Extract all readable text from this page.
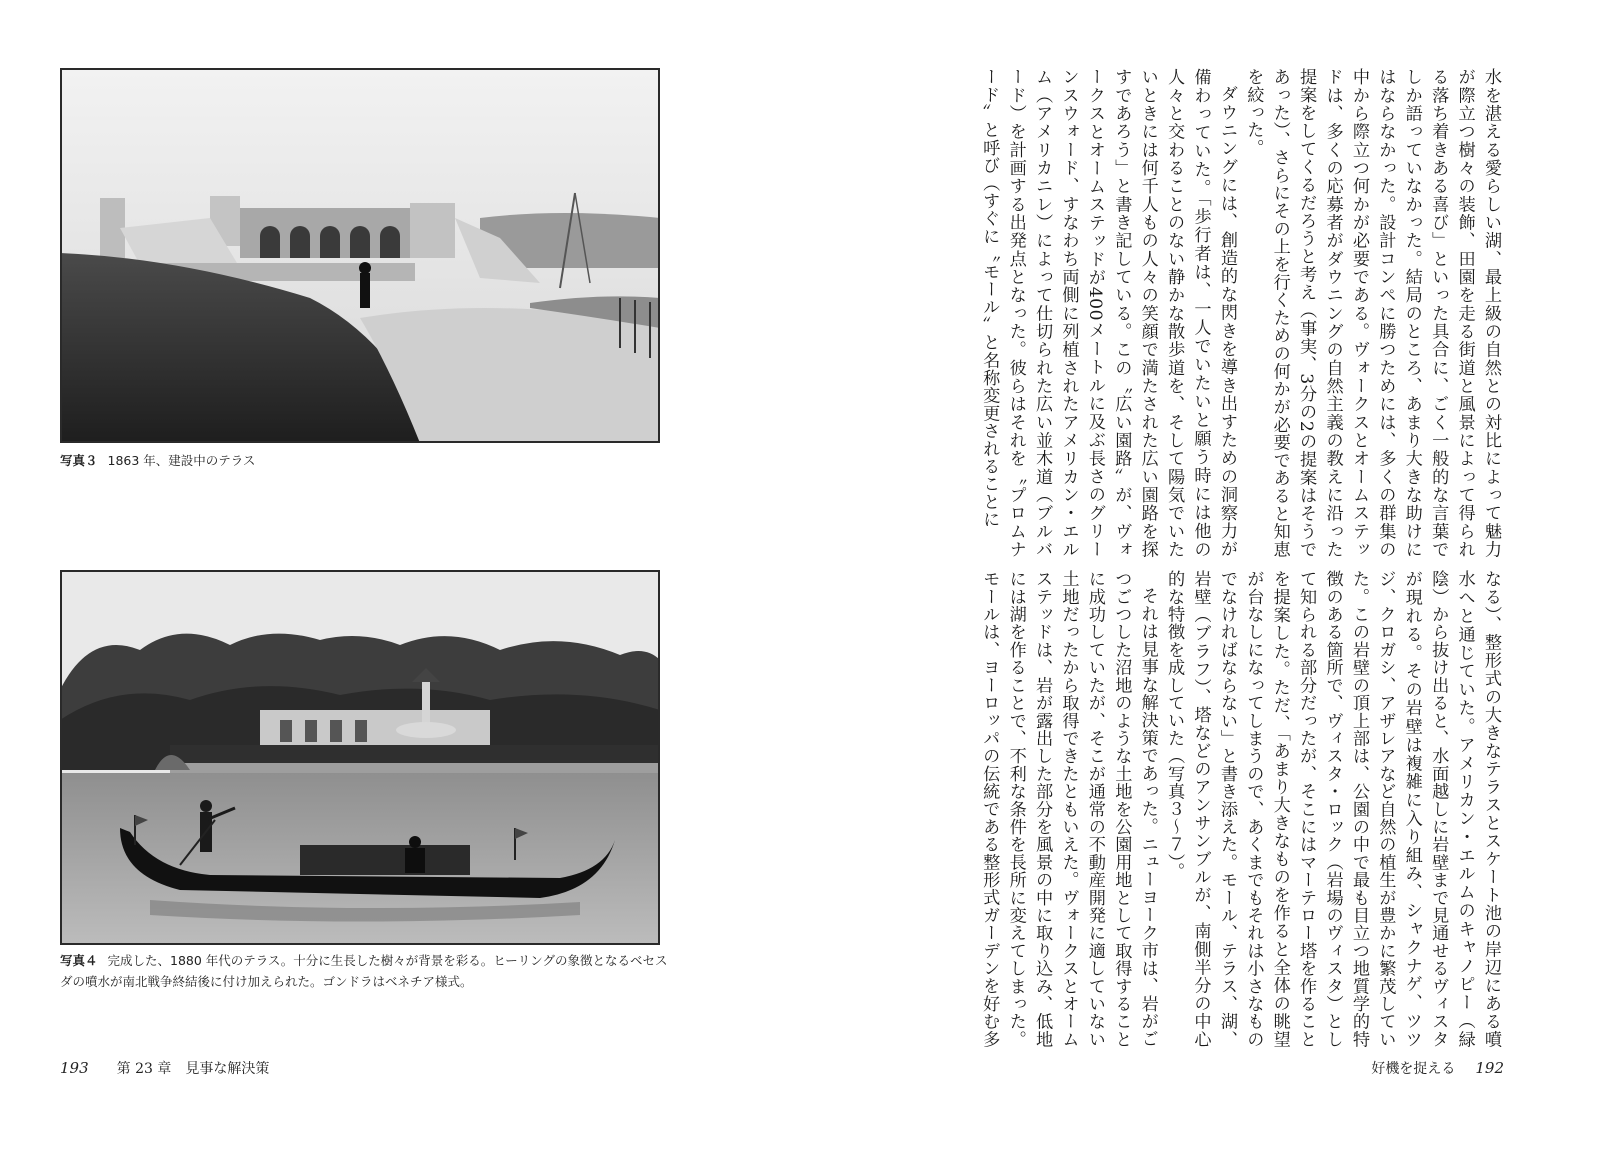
写真３ 1863 年、建設中のテラス
写真４ 完成した、1880 年代のテラス。十分に生長した樹々が背景を彩る。ヒーリングの象徴となるベセスダの噴水が南北戦争終結後に付け加えられた。ゴンドラはベネチア様式。
193 第 23 章　見事な解決策

水を湛える愛らしい湖、最上級の自然との対比によって魅力が際立つ樹々の装飾、田園を走る街道と風景によって得られる落ち着きある喜び」といった具合に、ごく一般的な言葉でしか語っていなかった。結局のところ、あまり大きな助けにはならなかった。設計コンペに勝つためには、多くの群集の中から際立つ何かが必要である。ヴォークスとオームステッドは、多くの応募者がダウニングの自然主義の教えに沿った提案をしてくるだろうと考え（事実、3分の2の提案はそうであった）、さらにその上を行くための何かが必要であると知恵を絞った。

ダウニングには、創造的な閃きを導き出すための洞察力が備わっていた。「歩行者は、一人でいたいと願う時には他の人々と交わることのない静かな散歩道を、そして陽気でいたいときには何千人もの人々の笑顔で満たされた広い園路を探すであろう」と書き記している。この〝広い園路〟が、ヴォークスとオームステッドが400メートルに及ぶ長さのグリーンスウォード、すなわち両側に列植されたアメリカン・エルム（アメリカニレ）によって仕切られた広い並木道（ブルバード）を計画する出発点となった。彼らはそれを〝プロムナード〟と呼び（すぐに〝モール〟と名称変更されることに

なる）、整形式の大きなテラスとスケート池の岸辺にある噴水へと通じていた。アメリカン・エルムのキャノピー（緑陰）から抜け出ると、水面越しに岩壁まで見通せるヴィスタが現れる。その岩壁は複雑に入り組み、シャクナゲ、ツツジ、クロガシ、アザレアなど自然の植生が豊かに繁茂していた。この岩壁の頂上部は、公園の中で最も目立つ地質学的特徴のある箇所で、ヴィスタ・ロック（岩場のヴィスタ）として知られる部分だったが、そこにはマーテロー塔を作ることを提案した。ただ、「あまり大きなものを作ると全体の眺望が台なしになってしまうので、あくまでもそれは小さなものでなければならない」と書き添えた。モール、テラス、湖、岩壁（ブラフ）、塔などのアンサンブルが、南側半分の中心的な特徴を成していた（写真３〜７）。

それは見事な解決策であった。ニューヨーク市は、岩がごつごつした沼地のような土地を公園用地として取得することに成功していたが、そこが通常の不動産開発に適していない土地だったから取得できたともいえた。ヴォークスとオームステッドは、岩が露出した部分を風景の中に取り込み、低地には湖を作ることで、不利な条件を長所に変えてしまった。モールは、ヨーロッパの伝統である整形式ガーデンを好む多

好機を捉える 192
